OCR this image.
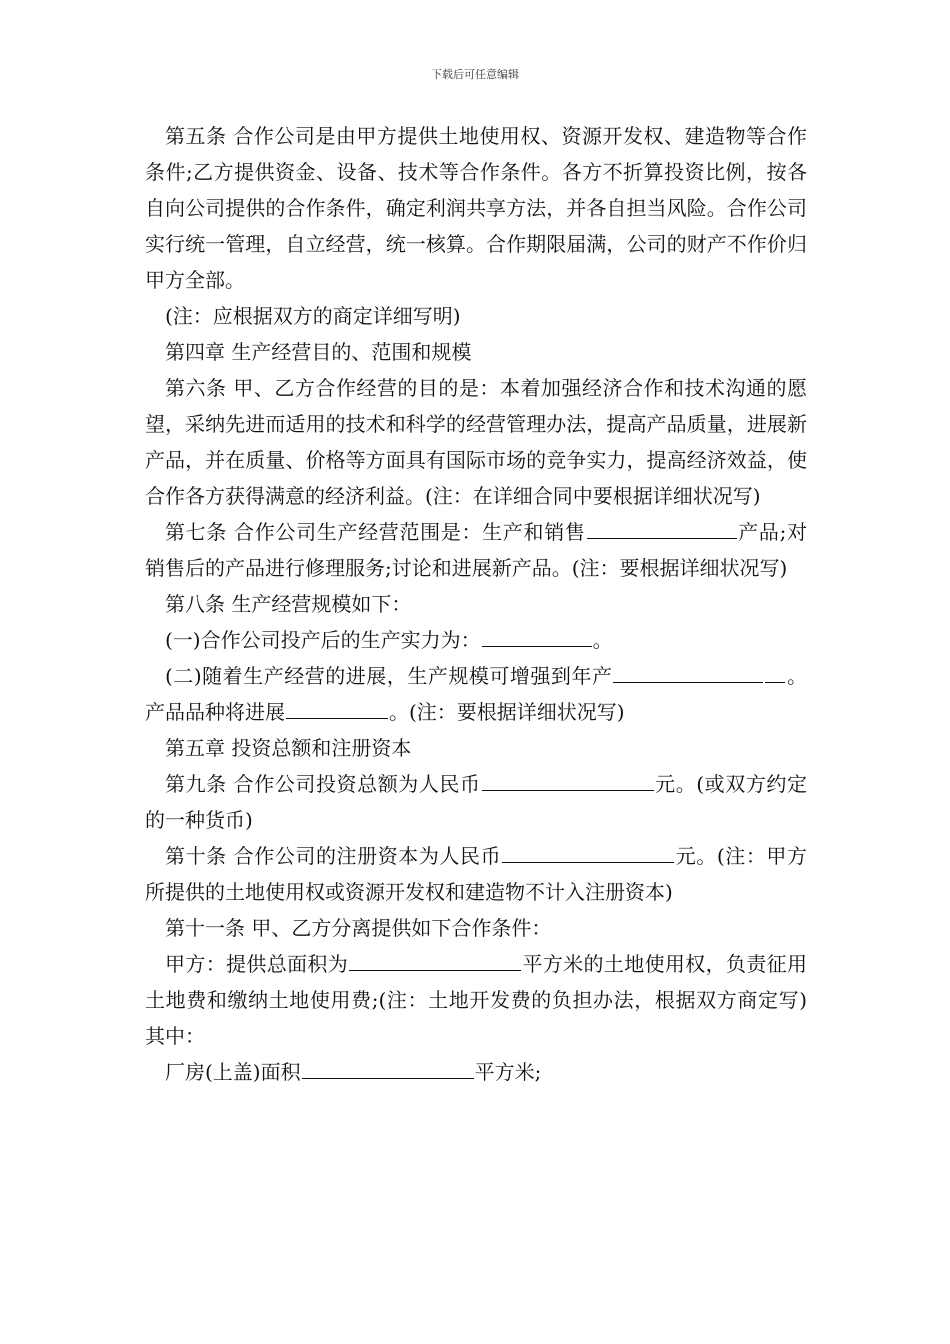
下载后可任意编辑

第五条 合作公司是由甲方提供土地使用权、资源开发权、建造物等合作条件;乙方提供资金、设备、技术等合作条件。各方不折算投资比例，按各自向公司提供的合作条件，确定利润共享方法，并各自担当风险。合作公司实行统一管理，自立经营，统一核算。合作期限届满，公司的财产不作价归甲方全部。

(注：应根据双方的商定详细写明)

第四章 生产经营目的、范围和规模

第六条 甲、乙方合作经营的目的是：本着加强经济合作和技术沟通的愿望，采纳先进而适用的技术和科学的经营管理办法，提高产品质量，进展新产品，并在质量、价格等方面具有国际市场的竞争实力，提高经济效益，使合作各方获得满意的经济利益。(注：在详细合同中要根据详细状况写)

第七条 合作公司生产经营范围是：生产和销售	产品;对销售后的产品进行修理服务;讨论和进展新产品。(注：要根据详细状况写)

第八条 生产经营规模如下：

(一)合作公司投产后的生产实力为：	。

(二)随着生产经营的进展，生产规模可增强到年产	。产品品种将进展	。(注：要根据详细状况写)

第五章 投资总额和注册资本

第九条 合作公司投资总额为人民币	元。(或双方约定的一种货币)

第十条 合作公司的注册资本为人民币	元。(注：甲方所提供的土地使用权或资源开发权和建造物不计入注册资本)

第十一条 甲、乙方分离提供如下合作条件：

甲方：提供总面积为	平方米的土地使用权，负责征用土地费和缴纳土地使用费;(注：土地开发费的负担办法，根据双方商定写)其中：

厂房(上盖)面积	平方米;
